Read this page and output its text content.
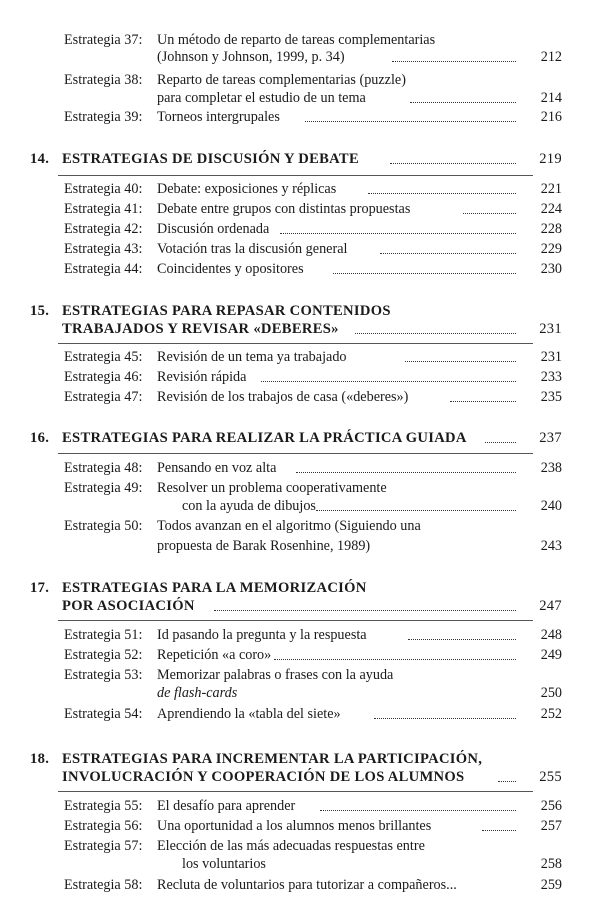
Estrategia 37: Un método de reparto de tareas complementarias
(Johnson y Johnson, 1999, p. 34)	212
Estrategia 38: Reparto de tareas complementarias (puzzle)
para completar el estudio de un tema	214
Estrategia 39: Torneos intergrupales	216
14. ESTRATEGIAS DE DISCUSIÓN Y DEBATE	219
Estrategia 40: Debate: exposiciones y réplicas	221
Estrategia 41: Debate entre grupos con distintas propuestas	224
Estrategia 42: Discusión ordenada	228
Estrategia 43: Votación tras la discusión general	229
Estrategia 44: Coincidentes y opositores	230
15. ESTRATEGIAS PARA REPASAR CONTENIDOS
TRABAJADOS Y REVISAR «DEBERES»	231
Estrategia 45: Revisión de un tema ya trabajado	231
Estrategia 46: Revisión rápida	233
Estrategia 47: Revisión de los trabajos de casa («deberes»)	235
16. ESTRATEGIAS PARA REALIZAR LA PRÁCTICA GUIADA	237
Estrategia 48: Pensando en voz alta	238
Estrategia 49: Resolver un problema cooperativamente
con la ayuda de dibujos	240
Estrategia 50: Todos avanzan en el algoritmo (Siguiendo una
propuesta de Barak Rosenhine, 1989)	243
17. ESTRATEGIAS PARA LA MEMORIZACIÓN
POR ASOCIACIÓN	247
Estrategia 51: Id pasando la pregunta y la respuesta	248
Estrategia 52: Repetición «a coro»	249
Estrategia 53: Memorizar palabras o frases con la ayuda
de flash-cards	250
Estrategia 54: Aprendiendo la «tabla del siete»	252
18. ESTRATEGIAS PARA INCREMENTAR LA PARTICIPACIÓN,
INVOLUCRACIÓN Y COOPERACIÓN DE LOS ALUMNOS	255
Estrategia 55: El desafío para aprender	256
Estrategia 56: Una oportunidad a los alumnos menos brillantes	257
Estrategia 57: Elección de las más adecuadas respuestas entre
los voluntarios	258
Estrategia 58: Recluta de voluntarios para tutorizar a compañeros...	259
